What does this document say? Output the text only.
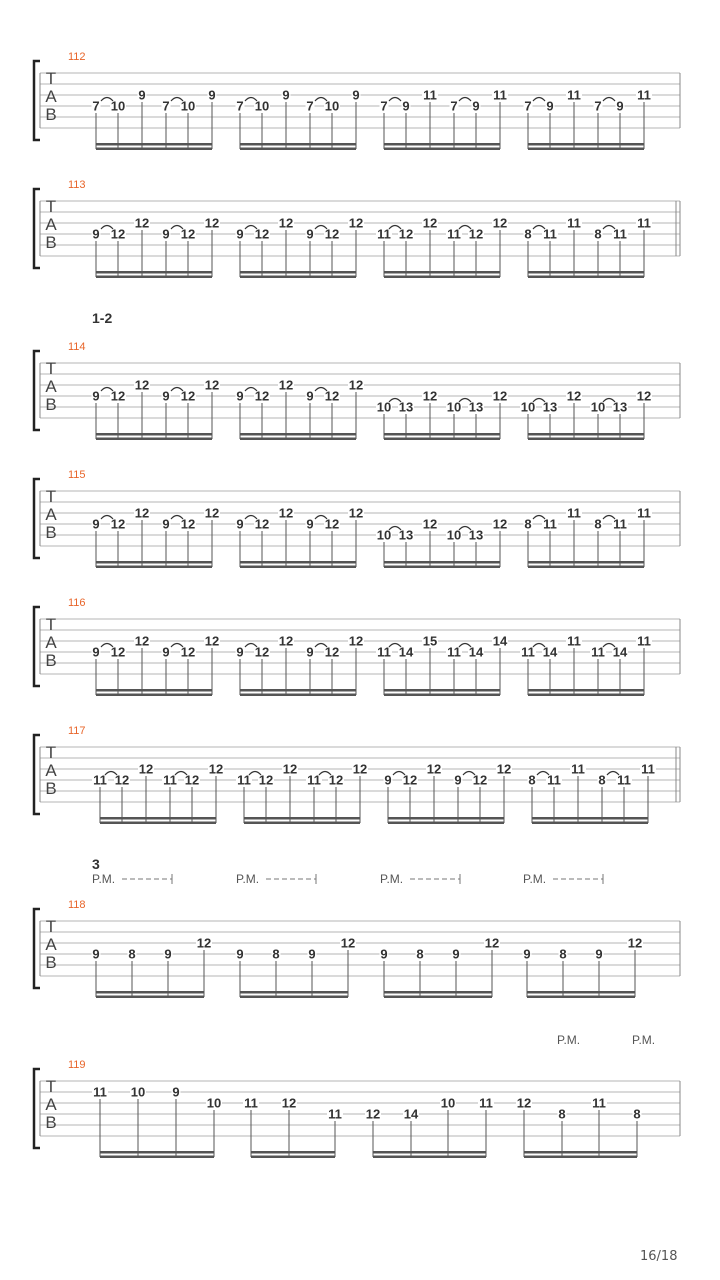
T
A
B
112
7 10
9
7 10
9
7 10
9
7 10
9
7 9
11
7 9
11
7 9
11
7 9
11
T
A
B
113
9 12
12
9 12
12
9 12
12
9 12
12
11 12
12
11 12
12
8 11
11
8 11
11
T
A
B
114
1-2
9 12
12
9 12
12
9 12
12
9 12
12
10 13
12
10 13
12
10 13
12
10 13
12
T
A
B
115
9 12
12
9 12
12
9 12
12
9 12
12
10 13
12
10 13
12 8 11
11
8 11
11
T
A
B
116
9 12
12
9 12
12
9 12
12
9 12
12
11 14
15
11 14
14
11 14
11
11 14
11
T
A
B
117
11 12
12
11 12
12
11 12
12
11 12
12
9 12
12
9 12
12
8 11
11
8 11
11
T
A
B
118
3
P.M.	P.M.	P.M.	P.M.
9 8 9
12
9 8 9
12
9 8 9
12
9 8 9
12
T
A
B
119
P.M.	P.M.
11 10 9
10 11 12
11 12 14
10 11 12
8
11
8
16/18
